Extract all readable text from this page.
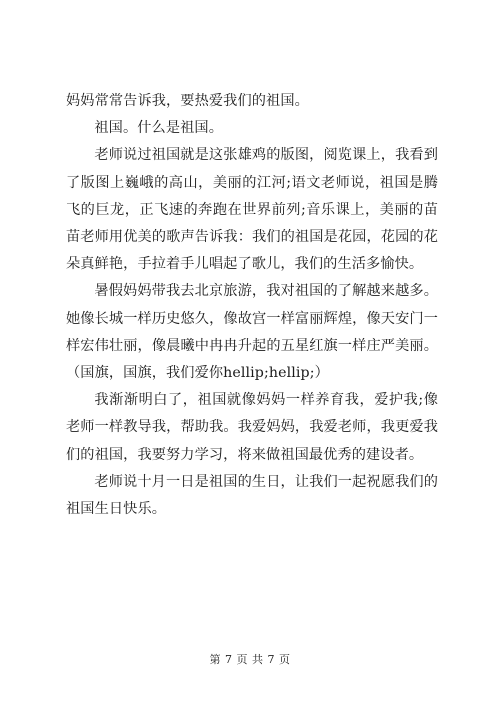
妈妈常常告诉我，要热爱我们的祖国。

祖国。什么是祖国。

老师说过祖国就是这张雄鸡的版图，阅览课上，我看到了版图上巍峨的高山，美丽的江河;语文老师说，祖国是腾飞的巨龙，正飞速的奔跑在世界前列;音乐课上，美丽的苗苗老师用优美的歌声告诉我：我们的祖国是花园，花园的花朵真鲜艳，手拉着手儿唱起了歌儿，我们的生活多愉快。

暑假妈妈带我去北京旅游，我对祖国的了解越来越多。她像长城一样历史悠久，像故宫一样富丽辉煌，像天安门一样宏伟壮丽，像晨曦中冉冉升起的五星红旗一样庄严美丽。（国旗，国旗，我们爱你hellip;hellip;）

我渐渐明白了，祖国就像妈妈一样养育我，爱护我;像老师一样教导我，帮助我。我爱妈妈，我爱老师，我更爱我们的祖国，我要努力学习，将来做祖国最优秀的建设者。

老师说十月一日是祖国的生日，让我们一起祝愿我们的祖国生日快乐。

第 7 页 共 7 页
